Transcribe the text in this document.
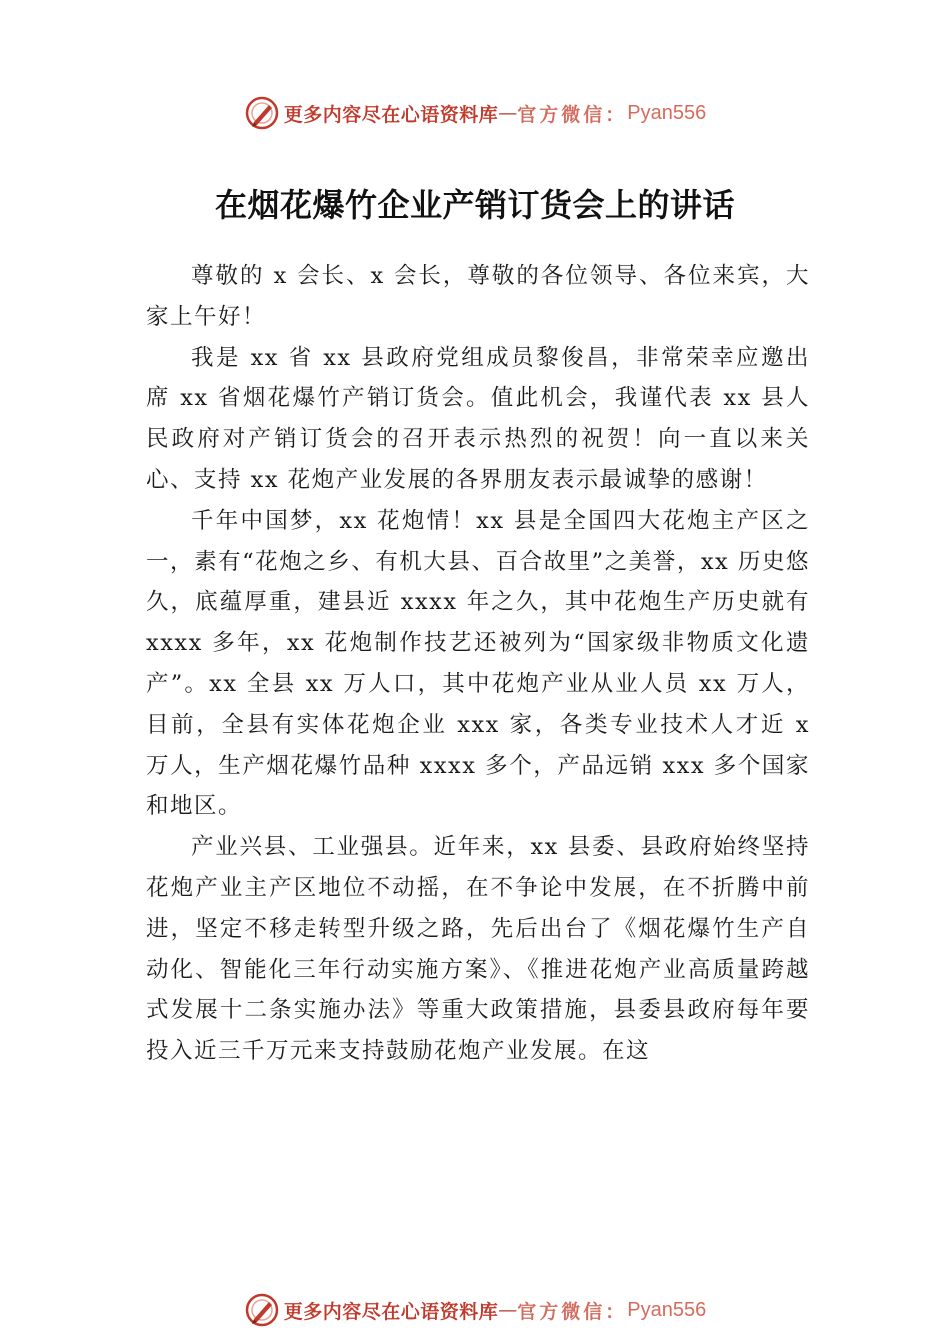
更多内容尽在心语资料库 — 官方微信： Pyan556
在烟花爆竹企业产销订货会上的讲话

尊敬的 x 会长、x 会长，尊敬的各位领导、各位来宾，大家上午好！

我是 xx 省 xx 县政府党组成员黎俊昌，非常荣幸应邀出席 xx 省烟花爆竹产销订货会。值此机会，我谨代表 xx 县人民政府对产销订货会的召开表示热烈的祝贺！向一直以来关心、支持 xx 花炮产业发展的各界朋友表示最诚挚的感谢！

千年中国梦，xx 花炮情！xx 县是全国四大花炮主产区之一，素有“花炮之乡、有机大县、百合故里”之美誉，xx 历史悠久，底蕴厚重，建县近 xxxx 年之久，其中花炮生产历史就有 xxxx 多年，xx 花炮制作技艺还被列为“国家级非物质文化遗产”。xx 全县 xx 万人口，其中花炮产业从业人员 xx 万人，目前，全县有实体花炮企业 xxx 家，各类专业技术人才近 x 万人，生产烟花爆竹品种 xxxx 多个，产品远销 xxx 多个国家和地区。

产业兴县、工业强县。近年来，xx 县委、县政府始终坚持花炮产业主产区地位不动摇，在不争论中发展，在不折腾中前进，坚定不移走转型升级之路，先后出台了《烟花爆竹生产自动化、智能化三年行动实施方案》、《推进花炮产业高质量跨越式发展十二条实施办法》等重大政策措施，县委县政府每年要投入近三千万元来支持鼓励花炮产业发展。在这

更多内容尽在心语资料库 — 官方微信： Pyan556
